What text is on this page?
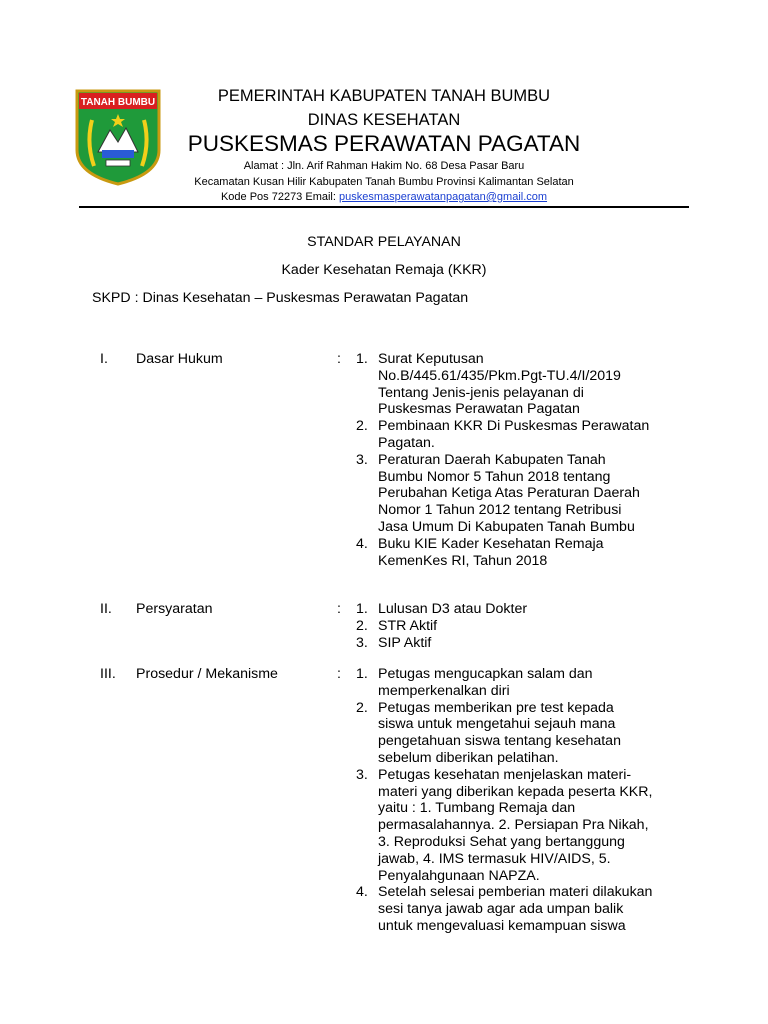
TANAH BUMBU	PEMERINTAH KABUPATEN TANAH BUMBU
DINAS KESEHATAN
PUSKESMAS PERAWATAN PAGATAN
Alamat : Jln. Arif Rahman Hakim No. 68 Desa Pasar Baru
Kecamatan Kusan Hilir Kabupaten Tanah Bumbu Provinsi Kalimantan Selatan
Kode Pos 72273 Email: puskesmasperawatanpagatan@gmail.com
STANDAR PELAYANAN
Kader Kesehatan Remaja (KKR)
SKPD : Dinas Kesehatan – Puskesmas Perawatan Pagatan
I. Dasar Hukum	: 1. Surat Keputusan
No.B/445.61/435/Pkm.Pgt-TU.4/I/2019
Tentang Jenis-jenis pelayanan di
Puskesmas Perawatan Pagatan
2. Pembinaan KKR Di Puskesmas Perawatan
Pagatan.
3. Peraturan Daerah Kabupaten Tanah
Bumbu Nomor 5 Tahun 2018 tentang
Perubahan Ketiga Atas Peraturan Daerah
Nomor 1 Tahun 2012 tentang Retribusi
Jasa Umum Di Kabupaten Tanah Bumbu
4. Buku KIE Kader Kesehatan Remaja
KemenKes RI, Tahun 2018
II. Persyaratan	: 1. Lulusan D3 atau Dokter
2. STR Aktif
3. SIP Aktif
III. Prosedur / Mekanisme	: 1. Petugas mengucapkan salam dan
memperkenalkan diri
2. Petugas memberikan pre test kepada
siswa untuk mengetahui sejauh mana
pengetahuan siswa tentang kesehatan
sebelum diberikan pelatihan.
3. Petugas kesehatan menjelaskan materi-
materi yang diberikan kepada peserta KKR,
yaitu : 1. Tumbang Remaja dan
permasalahannya. 2. Persiapan Pra Nikah,
3. Reproduksi Sehat yang bertanggung
jawab, 4. IMS termasuk HIV/AIDS, 5.
Penyalahgunaan NAPZA.
4. Setelah selesai pemberian materi dilakukan
sesi tanya jawab agar ada umpan balik
untuk mengevaluasi kemampuan siswa
